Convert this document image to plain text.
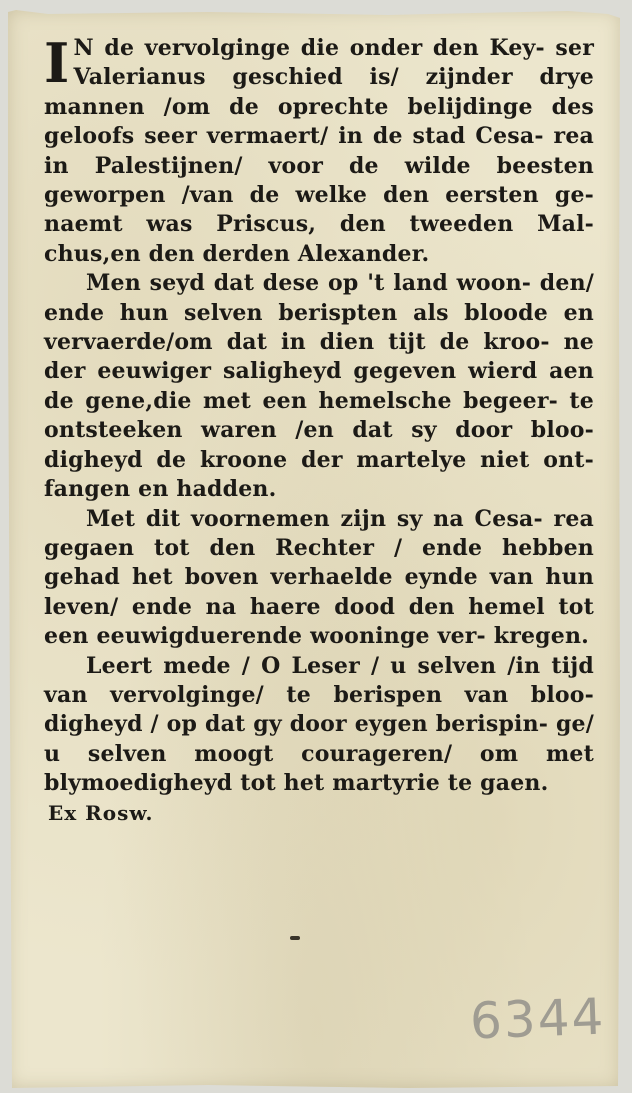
I N de vervolginge die onder den Key- ser Valerianus geschied is/ zijnder drye mannen /om de oprechte belijdinge des geloofs seer vermaert/ in de stad Cesa- rea in Palestijnen/ voor de wilde beesten geworpen /van de welke den eersten ge- naemt was Priscus, den tweeden Mal- chus,en den derden Alexander.

Men seyd dat dese op 't land woon- den/ ende hun selven berispten als bloode en vervaerde/om dat in dien tijt de kroo- ne der eeuwiger saligheyd gegeven wierd aen de gene,die met een hemelsche begeer- te ontsteeken waren /en dat sy door bloo- digheyd de kroone der martelye niet ont- fangen en hadden.

Met dit voornemen zijn sy na Cesa- rea gegaen tot den Rechter / ende hebben gehad het boven verhaelde eynde van hun leven/ ende na haere dood den hemel tot een eeuwigduerende wooninge ver- kregen.

Leert mede / O Leser / u selven /in tijd van vervolginge/ te berispen van bloo- digheyd / op dat gy door eygen berispin- ge/ u selven moogt courageren/ om met blymoedigheyd tot het martyrie te gaen.

Ex Rosw.

6344
